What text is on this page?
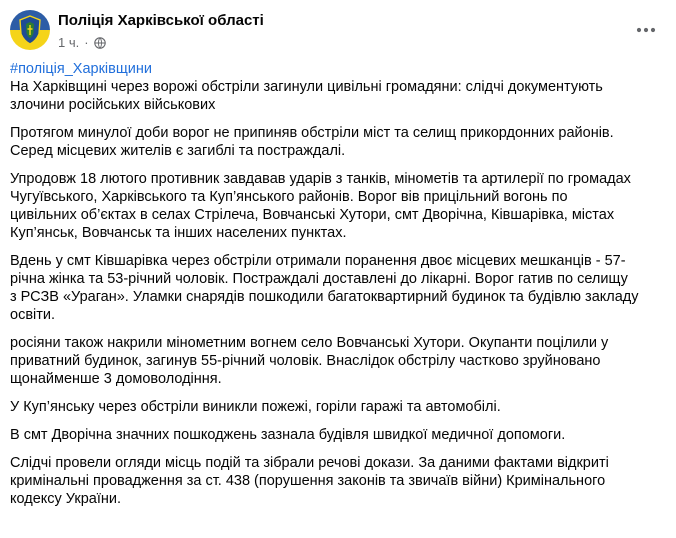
Поліція Харківської області
1 ч. ·
#поліція_Харківщини
На Харківщині через ворожі обстріли загинули цивільні громадяни: слідчі документують
злочини російських військових
Протягом минулої доби ворог не припиняв обстріли міст та селищ прикордонних районів.
Серед місцевих жителів є загиблі та постраждалі.
Упродовж 18 лютого противник завдавав ударів з танків, мінометів та артилерії по громадах
Чугуївського, Харківського та Куп’янського районів. Ворог вів прицільний вогонь по
цивільних об’єктах в селах Стрілеча, Вовчанські Хутори, смт Дворічна, Ківшарівка, містах
Куп’янськ, Вовчанськ та інших населених пунктах.
Вдень у смт Ківшарівка через обстріли отримали поранення двоє місцевих мешканців - 57-
річна жінка та 53-річний чоловік. Постраждалі доставлені до лікарні. Ворог гатив по селищу
з РСЗВ «Ураган». Уламки снарядів пошкодили багатоквартирний будинок та будівлю закладу
освіти.
росіяни також накрили мінометним вогнем село Вовчанські Хутори. Окупанти поцілили у
приватний будинок, загинув 55-річний чоловік. Внаслідок обстрілу частково зруйновано
щонайменше 3 домоволодіння.
У Куп’янську через обстріли виникли пожежі, горіли гаражі та автомобілі.
В смт Дворічна значних пошкоджень зазнала будівля швидкої медичної допомоги.
Слідчі провели огляди місць подій та зібрали речові докази. За даними фактами відкриті
кримінальні провадження за ст. 438 (порушення законів та звичаїв війни) Кримінального
кодексу України.
